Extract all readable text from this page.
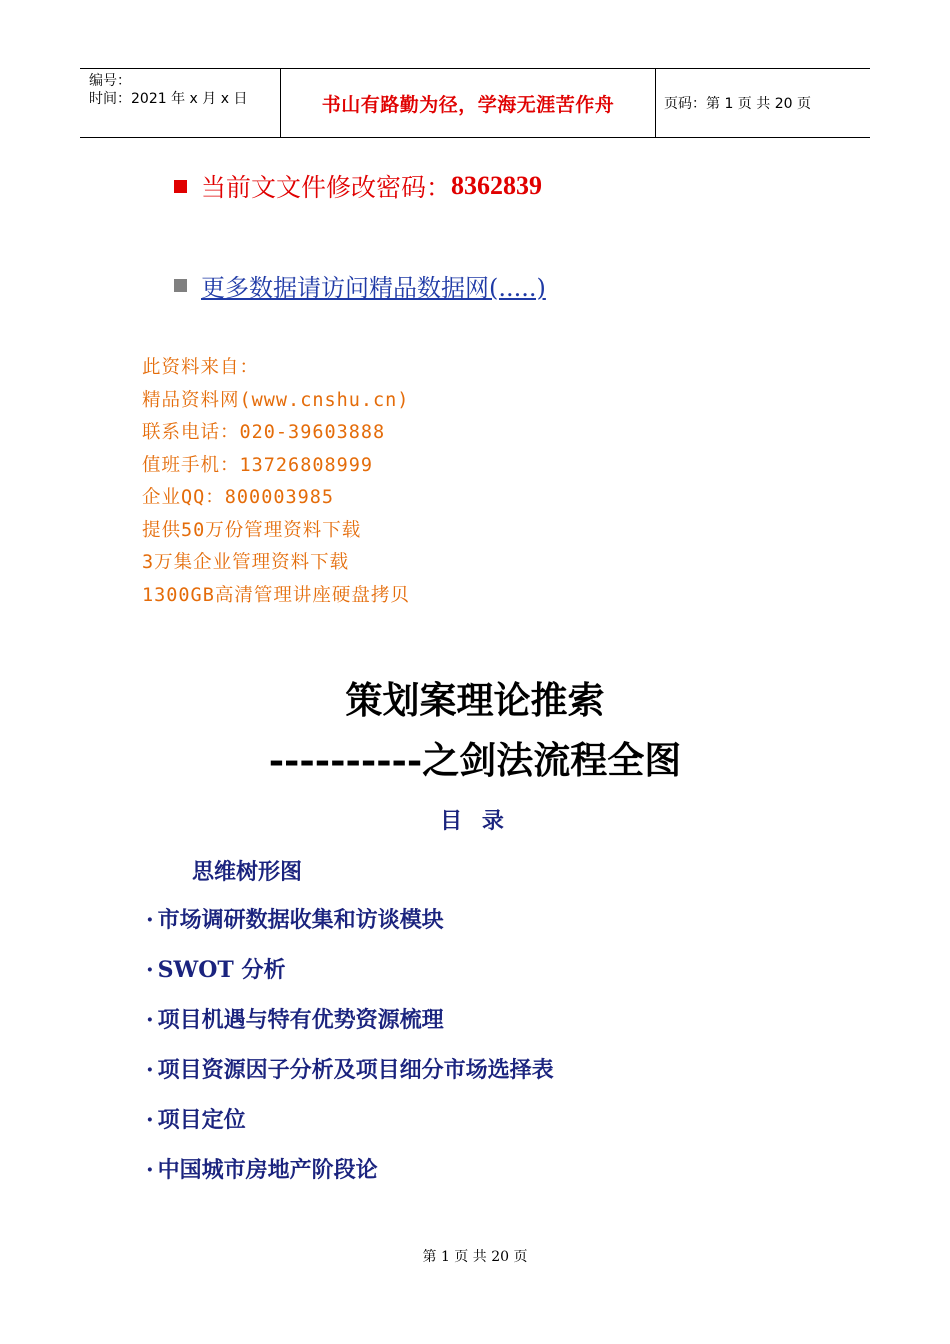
编号：
时间：2021 年 x 月 x 日	书山有路勤为径，学海无涯苦作舟	页码：第 1 页 共 20 页
当前文文件修改密码： 8362839
更多数据请访问精品数据网(.....)
此资料来自：
精品资料网(www.cnshu.cn)
联系电话：020-39603888
值班手机：13726808999
企业QQ：800003985
提供50万份管理资料下载
3万集企业管理资料下载
1300GB高清管理讲座硬盘拷贝
策划案理论推索
----------之剑法流程全图
目 录
思维树形图
· 市场调研数据收集和访谈模块
· SWOT 分析
· 项目机遇与特有优势资源梳理
· 项目资源因子分析及项目细分市场选择表
· 项目定位
· 中国城市房地产阶段论
第 1 页 共 20 页
